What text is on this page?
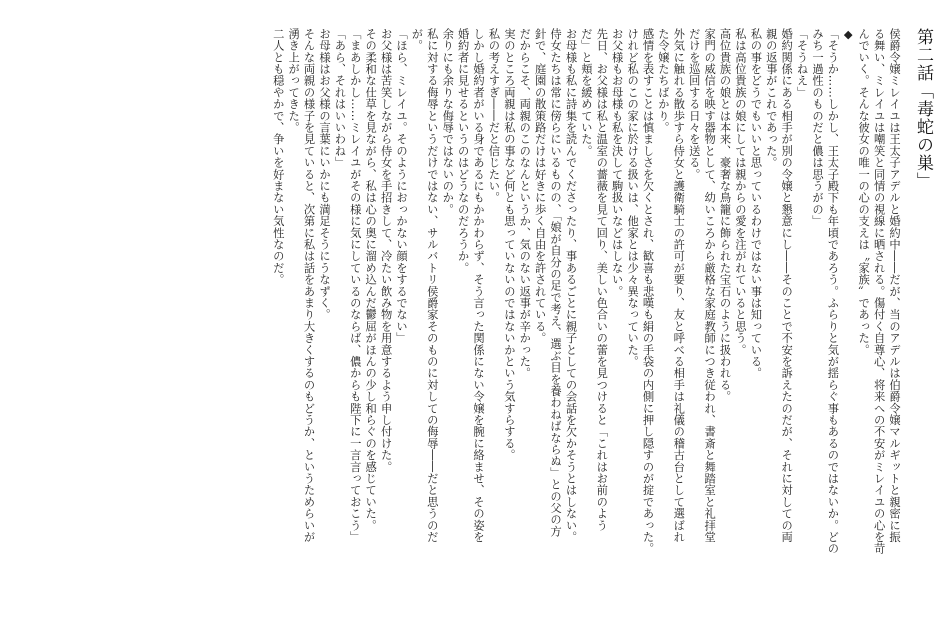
第二話「毒蛇の巣」
侯爵令嬢ミレイユは王太子アデルと婚約中――だが、当のアデルは伯爵令嬢マルギットと親密に振
る舞い、ミレイユは嘲笑と同情の視線に晒される。傷付く自尊心、将来への不安がミレイユの心を苛
んでいく。そんな彼女の唯一の心の支えは〝家族〟であった。
◆
「そうか……しかし、王太子殿下も年頃であろう。ふらりと気が揺らぐ事もあるのではないか。どの
みち一過性のものだと儂は思うがの」
「そうねえ」
婚約関係にある相手が別の令嬢と懇意にし――そのことで不安を訴えたのだが、それに対しての両
親の返事がこれであった。
私の事をどうでもいいと思っているわけではない事は知っている。
私は高位貴族の娘にしては親からの愛を注がれていると思う。
高位貴族の娘とは本来、豪奢な鳥籠に飾られた宝石のように扱われる。
家門の威信を映す器物として、幼いころから厳格な家庭教師につき従われ、書斎と舞踏室と礼拝堂
だけを巡回する日々を送る。
外気に触れる散歩すら侍女と護衛騎士の許可が要り、友と呼べる相手は礼儀の稽古台として選ばれ
た令嬢たちばかり。
感情を表すことは慎ましさを欠くとされ、歓喜も悲嘆も絹の手袋の内側に押し隠すのが掟であった。
けれど私のこの家に於ける扱いは、他家とは少々異なっていた。
お父様もお母様も私を決して駒扱いなどはしない。
先日、お父様は私と温室の薔薇を見て回り、美しい色合いの蕾を見つけると「これはお前のよう
だ」と頬を緩めていた。
お母様も私に詩集を読んでくださったり、事あるごとに親子としての会話を欠かそうとはしない。
侍女たちは常に傍らにいるものの、「娘が自分の足で考え、選ぶ目を養わねばならぬ」との父の方
針で、庭園の散策路だけは好きに歩く自由を許されている。
だからこそ、両親のこのなんというか、気のない返事が辛かった。
実のところ両親は私の事など何とも思っていないのではないかという気すらする。
私の考えすぎ――だと信じたい。
しかし婚約者がいる身であるにもかかわらず、そう言った関係にない令嬢を腕に絡ませ、その姿を
婚約者に見せるというのはどうなのだろうか。
余りにも余りな侮辱ではないのか。
私に対する侮辱というだけではない、サルバトリ侯爵家そのものに対しての侮辱――だと思うのだ
が。
「ほら、ミレイユ。そのようにおっかない顔をするでない」
お父様は苦笑しながら侍女を手招きして、冷たい飲み物を用意するよう申し付けた。
その柔和な仕草を見ながら、私は心の奥に溜め込んだ鬱屈がほんの少し和らぐのを感じていた。
「まあしかし……ミレイユがその様に気にしているのならば、儂からも陛下に一言言っておこう」
「あら、それはいいわね」
お母様はお父様の言葉にいかにも満足そうにうなずく。
そんな両親の様子を見ていると、次第に私は話をあまり大きくするのもどうか、というためらいが
湧き上がってきた。
二人とも穏やかで、争いを好まない気性なのだ。
